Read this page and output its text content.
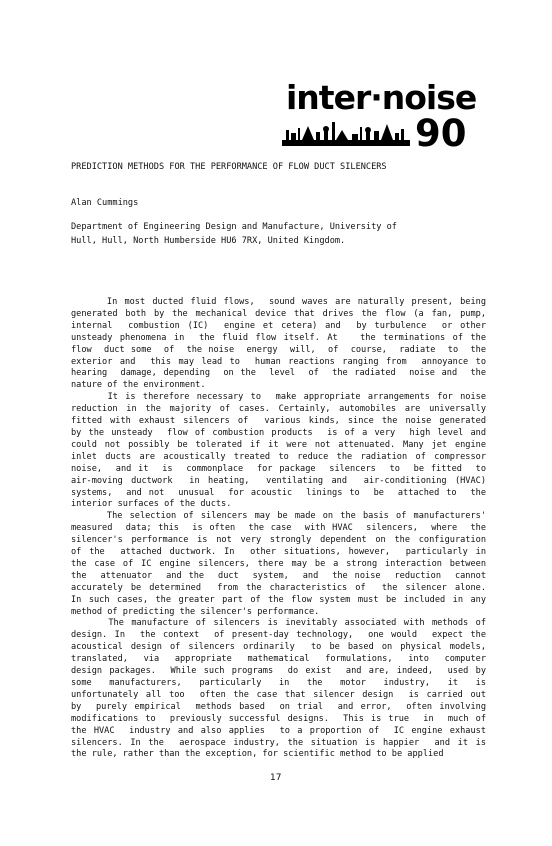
inter·noise
90
PREDICTION METHODS FOR THE PERFORMANCE OF FLOW DUCT SILENCERS
Alan Cummings
Department of Engineering Design and Manufacture, University of
Hull, Hull, North Humberside HU6 7RX, United Kingdom.
In most ducted fluid flows,  sound waves are naturally present, being
generated both by the mechanical device that drives the flow (a fan, pump,
internal  combustion (IC)  engine et cetera) and  by turbulence  or other
unsteady phenomena in  the fluid flow itself. At   the terminations of the
flow  duct some  of  the noise  energy  will,  of  course,  radiate  to  the
exterior and  this may lead to  human reactions ranging from  annoyance to
hearing  damage, depending  on the  level  of  the radiated  noise and  the
nature of the environment.
It is therefore necessary to  make appropriate arrangements for noise
reduction in the majority of cases. Certainly, automobiles are universally
fitted with exhaust silencers of  various kinds, since the noise generated
by the unsteady  flow of combustion products  is of a very  high level and
could not possibly be tolerated if it were not attenuated. Many jet engine
inlet ducts are acoustically treated to reduce the radiation of compressor
noise,  and it  is  commonplace  for package  silencers  to  be fitted  to
air-moving ductwork  in heating,  ventilating and  air-conditioning (HVAC)
systems,  and not  unusual  for acoustic  linings to  be  attached to  the
interior surfaces of the ducts.
The selection of silencers may be made on the basis of manufacturers'
measured  data; this  is often  the case  with HVAC  silencers,  where  the
silencer's performance is not very strongly dependent on the configuration
of the  attached ductwork. In  other situations, however,  particularly in
the case of IC engine silencers, there may be a strong interaction between
the  attenuator  and the  duct  system,  and  the noise  reduction  cannot
accurately be determined  from the characteristics of  the silencer alone.
In such cases, the greater part of the flow system must be included in any
method of predicting the silencer's performance.
The manufacture of silencers is inevitably associated with methods of
design. In  the context  of present-day technology,  one would  expect the
acoustical design of silencers ordinarily  to be based on physical models,
translated,  via  appropriate  mathematical  formulations,  into  computer
design packages.  While such programs  do exist  and are, indeed,  used by
some  manufacturers,  particularly  in  the  motor  industry,  it  is
unfortunately all too  often the case that silencer design  is carried out
by  purely empirical  methods based  on trial  and error,  often involving
modifications to  previously successful designs.  This is true  in  much of
the HVAC  industry and also applies  to a proportion of  IC engine exhaust
silencers. In the  aerospace industry, the situation is happier  and it is
the rule, rather than the exception, for scientific method to be applied
17
